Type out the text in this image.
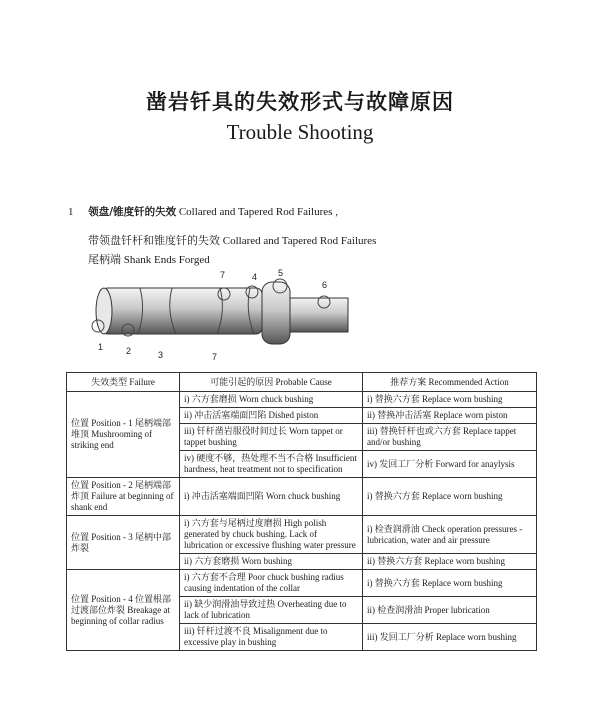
凿岩钎具的失效形式与故障原因
Trouble Shooting
1 领盘/锥度钎的失效 Collared and Tapered Rod Failures ,
带领盘钎杆和锥度钎的失效 Collared and Tapered Rod Failures
尾柄端 Shank Ends Forged
1	2	3
7
7
4 5
6
失效类型 Failure	可能引起的原因 Probable Cause	推荐方案 Recommended Action
位置 Position - 1 尾柄端部堆顶 Mushrooming of striking end	i) 六方套磨损 Worn chuck bushing	i) 替换六方套 Replace worn bushing
	ii) 冲击活塞端面凹陷 Dished piston	ii) 替换冲击活塞 Replace worn piston
	iii) 钎杆凿岩服役时间过长 Worn tappet or tappet bushing	iii) 替换钎杆也或六方套 Replace tappet and/or bushing
	iv) 硬度不够，热处理不当不合格 Insufficient hardness, heat treatment not to specification	iv) 发回工厂分析 Forward for anaylysis
位置 Position - 2 尾柄端部炸顶 Failure at beginning of shank end	i) 冲击活塞端面凹陷 Worn chuck bushing	i) 替换六方套 Replace worn bushing
位置 Position - 3 尾柄中部炸裂	i) 六方套与尾柄过度磨损 High polish generated by chuck bushing. Lack of lubrication or excessive flushing water pressure	i) 检查润滑油 Check operation pressures - lubrication, water and air pressure
	ii) 六方套磨损 Worn bushing	ii) 替换六方套 Replace worn bushing
位置 Position - 4 位置根部过渡部位炸裂 Breakage at beginning of collar radius	i) 六方套不合理 Poor chuck bushing radius causing indentation of the collar	i) 替换六方套 Replace worn bushing
	ii) 缺少润滑油导致过热 Overheating due to lack of lubrication	ii) 检查润滑油 Proper lubrication
	iii) 钎杆过渡不良 Misalignment due to excessive play in bushing	iii) 发回工厂分析 Replace worn bushing
